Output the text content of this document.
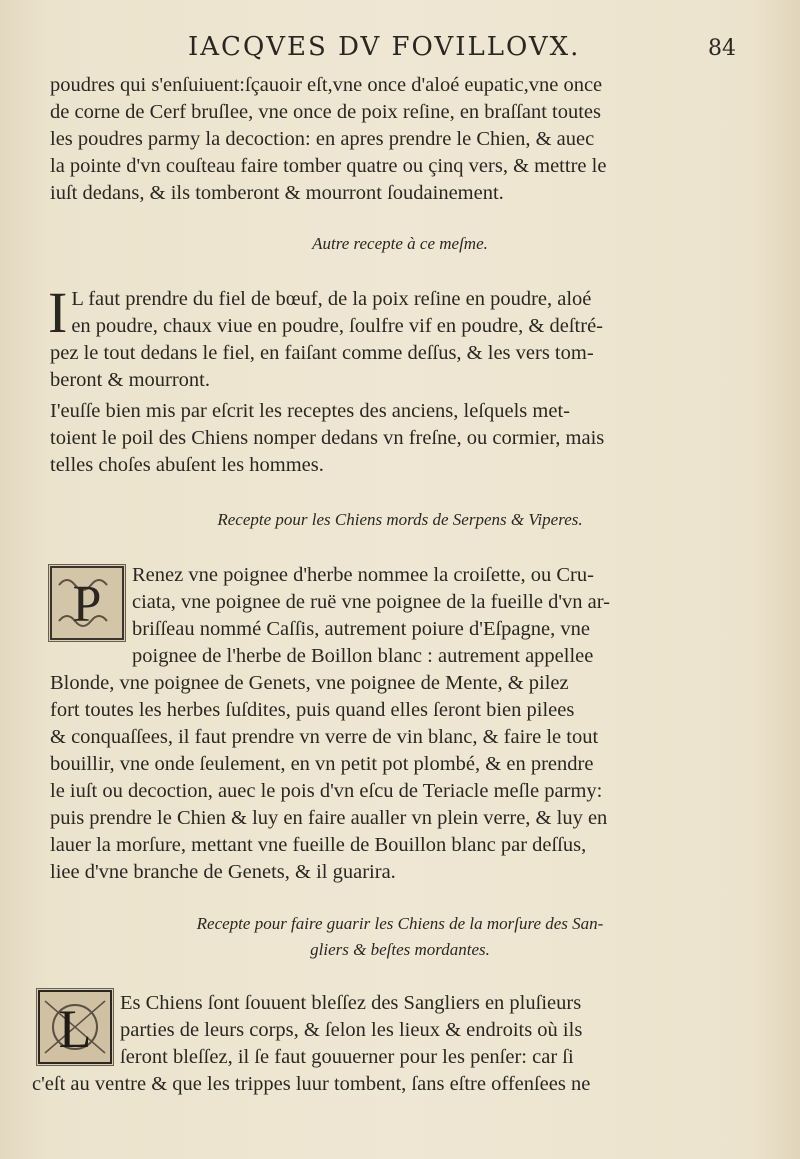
IACQVES DV FOVILLOVX.	84

poudres qui s'enſuiuent:ſçauoir eſt,vne once d'aloé eupatic,vne once
de corne de Cerf bruſlee, vne once de poix reſine, en braſſant toutes
les poudres parmy la decoction: en apres prendre le Chien, & auec
la pointe d'vn couſteau faire tomber quatre ou çinq vers, & mettre le
iuſt dedans, & ils tomberont & mourront ſoudainement.

Autre recepte à ce meſme.
I L faut prendre du fiel de bœuf, de la poix reſine en poudre, aloé
en poudre, chaux viue en poudre, ſoulfre vif en poudre, & deſtré-
pez le tout dedans le fiel, en faiſant comme deſſus, & les vers tom-
beront & mourront.

I'euſſe bien mis par eſcrit les receptes des anciens, leſquels met-
toient le poil des Chiens nomper dedans vn freſne, ou cormier, mais
telles choſes abuſent les hommes.

Recepte pour les Chiens mords de Serpens & Viperes.
P

Renez vne poignee d'herbe nommee la croiſette, ou Cru-
ciata, vne poignee de ruë vne poignee de la fueille d'vn ar-
briſſeau nommé Caſſis, autrement poiure d'Eſpagne, vne
poignee de l'herbe de Boillon blanc : autrement appellee

Blonde, vne poignee de Genets, vne poignee de Mente, & pilez
fort toutes les herbes ſuſdites, puis quand elles ſeront bien pilees
& conquaſſees, il faut prendre vn verre de vin blanc, & faire le tout
bouillir, vne onde ſeulement, en vn petit pot plombé, & en prendre
le iuſt ou decoction, auec le pois d'vn eſcu de Teriacle meſle parmy:
puis prendre le Chien & luy en faire aualler vn plein verre, & luy en
lauer la morſure, mettant vne fueille de Bouillon blanc par deſſus,
liee d'vne branche de Genets, & il guarira.

Recepte pour faire guarir les Chiens de la morſure des San-
gliers & beſtes mordantes.
L Es Chiens ſont ſouuent bleſſez des Sangliers en pluſieurs
parties de leurs corps, & ſelon les lieux & endroits où ils
ſeront bleſſez, il ſe faut gouuerner pour les penſer: car ſi

c'eſt au ventre & que les trippes luur tombent, ſans eſtre offenſees ne
